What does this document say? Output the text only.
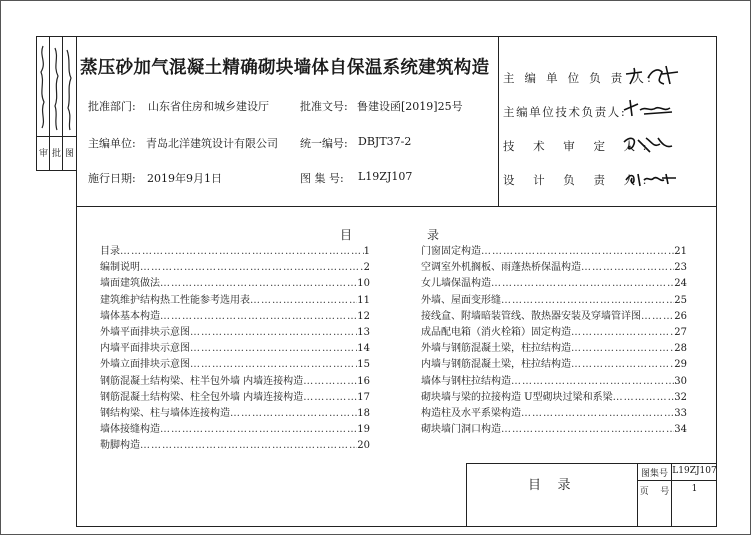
审 批 图
蒸压砂加气混凝土精确砌块墙体自保温系统建筑构造
批准部门: 山东省住房和城乡建设厅	批准文号: 鲁建设函[2019]25号
主编单位: 青岛北洋建筑设计有限公司 统一编号: DBJT37-2
施行日期: 2019年9月1日	图 集 号: L19ZJ107
主 编 单 位 负 责 人:
主编单位技术负责人:
技 术 审 定 人:
设 计 负 责 人:
目	录
目录 ……………………………………………………………………………………………………………………………………………	1
编制说明 ……………………………………………………………………………………………………………………………………………	2
墙面建筑做法 ……………………………………………………………………………………………………………………………………………	10
建筑维护结构热工性能参考选用表 ……………………………………………………………………………………………………………………………………………	11
墙体基本构造 ……………………………………………………………………………………………………………………………………………	12
外墙平面排块示意图 ……………………………………………………………………………………………………………………………………………	13
内墙平面排块示意图 ……………………………………………………………………………………………………………………………………………	14
外墙立面排块示意图 ……………………………………………………………………………………………………………………………………………	15
钢筋混凝土结构梁、柱半包外墙 内墙连接构造 ……………………………………………………………………………………………………………………………………………	16
钢筋混凝土结构梁、柱全包外墙 内墙连接构造 ……………………………………………………………………………………………………………………………………………	17
钢结构梁、柱与墙体连接构造 ……………………………………………………………………………………………………………………………………………	18
墙体接缝构造 ……………………………………………………………………………………………………………………………………………	19
勒脚构造 ……………………………………………………………………………………………………………………………………………	20
门窗固定构造 ……………………………………………………………………………………………………………………………………………	21
空调室外机搁板、雨蓬热桥保温构造 ……………………………………………………………………………………………………………………………………………	23
女儿墙保温构造 ……………………………………………………………………………………………………………………………………………	24
外墙、屋面变形缝 ……………………………………………………………………………………………………………………………………………	25
接线盒、附墙暗装管线、散热器安装及穿墙管详图 ……………………………………………………………………………………………………………………………………………	26
成品配电箱（消火栓箱）固定构造 ……………………………………………………………………………………………………………………………………………	27
外墙与钢筋混凝土梁，柱拉结构造 ……………………………………………………………………………………………………………………………………………	28
内墙与钢筋混凝土梁，柱拉结构造 ……………………………………………………………………………………………………………………………………………	29
墙体与钢柱拉结构造 ……………………………………………………………………………………………………………………………………………	30
砌块墙与梁的拉接构造 U型砌块过梁和系梁 ……………………………………………………………………………………………………………………………………………	32
构造柱及水平系梁构造 ……………………………………………………………………………………………………………………………………………	33
砌块墙门洞口构造 ……………………………………………………………………………………………………………………………………………	34
目    录
图集号 L19ZJ107
页    号	1
